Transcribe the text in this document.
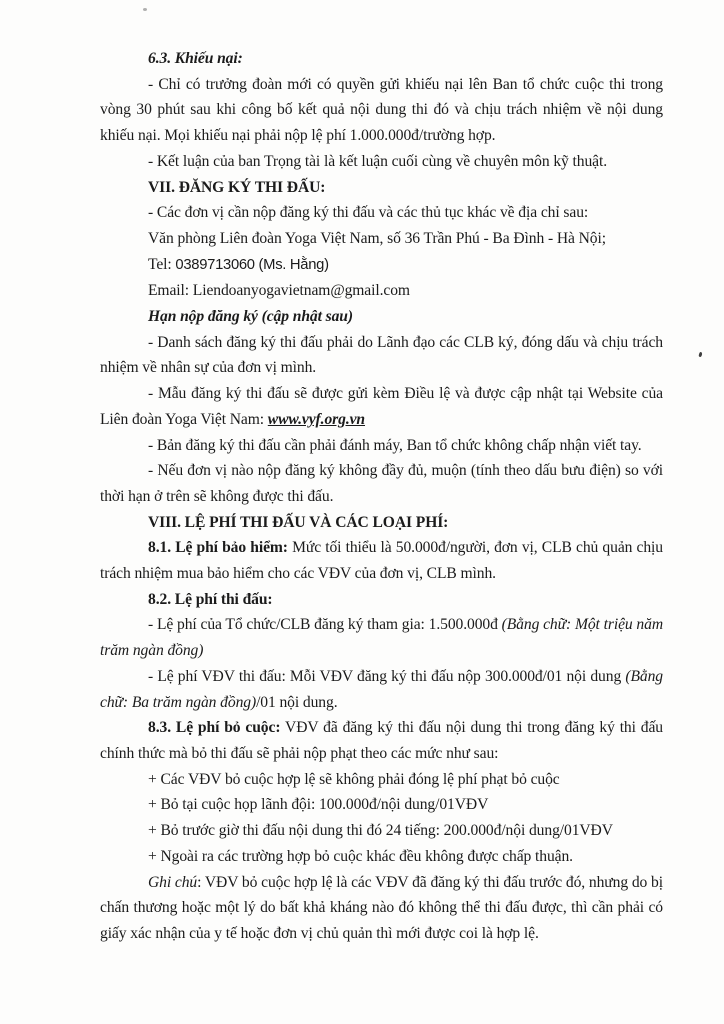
6.3. Khiếu nại:

- Chỉ có trưởng đoàn mới có quyền gửi khiếu nại lên Ban tổ chức cuộc thi trong vòng 30 phút sau khi công bố kết quả nội dung thi đó và chịu trách nhiệm về nội dung khiếu nại. Mọi khiếu nại phải nộp lệ phí 1.000.000đ/trường hợp.

- Kết luận của ban Trọng tài là kết luận cuối cùng về chuyên môn kỹ thuật.

VII. ĐĂNG KÝ THI ĐẤU:

- Các đơn vị cần nộp đăng ký thi đấu và các thủ tục khác về địa chỉ sau:

Văn phòng Liên đoàn Yoga Việt Nam, số 36 Trần Phú - Ba Đình - Hà Nội;

Tel: 0389713060 (Ms. Hằng)

Email: Liendoanyogavietnam@gmail.com

Hạn nộp đăng ký (cập nhật sau)

- Danh sách đăng ký thi đấu phải do Lãnh đạo các CLB ký, đóng dấu và chịu trách nhiệm về nhân sự của đơn vị mình.

- Mẫu đăng ký thi đấu sẽ được gửi kèm Điều lệ và được cập nhật tại Website của Liên đoàn Yoga Việt Nam: www.vyf.org.vn

- Bản đăng ký thi đấu cần phải đánh máy, Ban tổ chức không chấp nhận viết tay.

- Nếu đơn vị nào nộp đăng ký không đầy đủ, muộn (tính theo dấu bưu điện) so với thời hạn ở trên sẽ không được thi đấu.

VIII. LỆ PHÍ THI ĐẤU VÀ CÁC LOẠI PHÍ:

8.1. Lệ phí bảo hiểm: Mức tối thiểu là 50.000đ/người, đơn vị, CLB chủ quản chịu trách nhiệm mua bảo hiểm cho các VĐV của đơn vị, CLB mình.

8.2. Lệ phí thi đấu:

- Lệ phí của Tổ chức/CLB đăng ký tham gia: 1.500.000đ (Bằng chữ: Một triệu năm trăm ngàn đồng)

- Lệ phí VĐV thi đấu: Mỗi VĐV đăng ký thi đấu nộp 300.000đ/01 nội dung (Bằng chữ: Ba trăm ngàn đồng)/01 nội dung.

8.3. Lệ phí bỏ cuộc: VĐV đã đăng ký thi đấu nội dung thi trong đăng ký thi đấu chính thức mà bỏ thi đấu sẽ phải nộp phạt theo các mức như sau:

+ Các VĐV bỏ cuộc hợp lệ sẽ không phải đóng lệ phí phạt bỏ cuộc

+ Bỏ tại cuộc họp lãnh đội: 100.000đ/nội dung/01VĐV

+ Bỏ trước giờ thi đấu nội dung thi đó 24 tiếng: 200.000đ/nội dung/01VĐV

+ Ngoài ra các trường hợp bỏ cuộc khác đều không được chấp thuận.

Ghi chú: VĐV bỏ cuộc hợp lệ là các VĐV đã đăng ký thi đấu trước đó, nhưng do bị chấn thương hoặc một lý do bất khả kháng nào đó không thể thi đấu được, thì cần phải có giấy xác nhận của y tế hoặc đơn vị chủ quản thì mới được coi là hợp lệ.
